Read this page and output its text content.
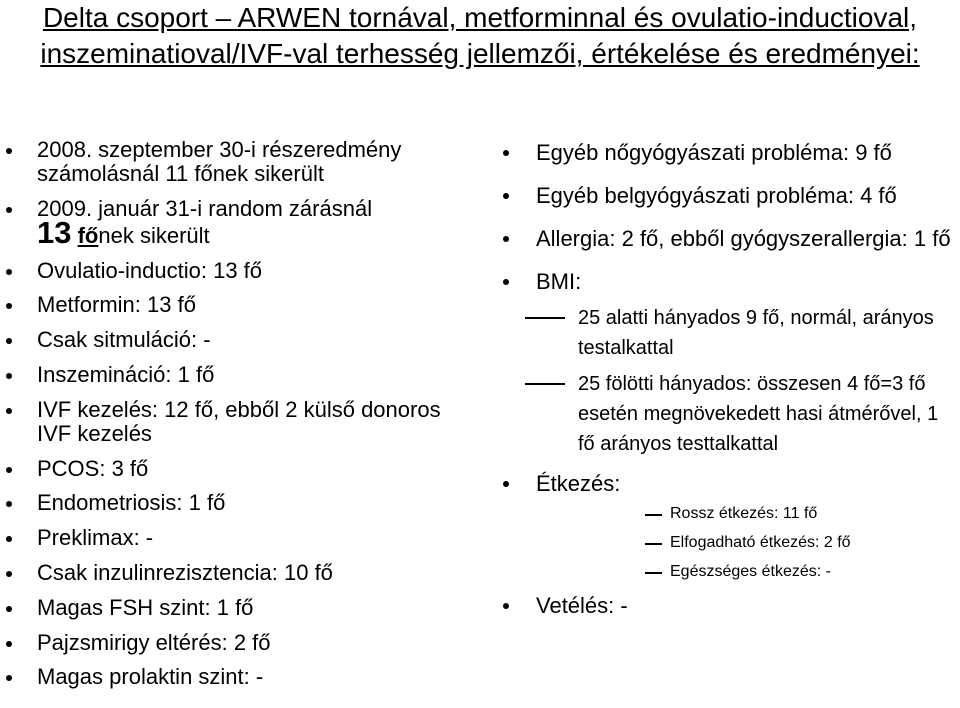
Delta csoport – ARWEN tornával, metforminnal és ovulatio-inductioval, inszeminatioval/IVF-val terhesség jellemzői, értékelése és eredményei:
2008. szeptember 30-i részeredmény számolásnál 11 főnek sikerült
2009. január 31-i random zárásnál
13 főnek sikerült
Ovulatio-inductio: 13 fő
Metformin: 13 fő
Csak sitmuláció: -
Inszemináció: 1 fő
IVF kezelés: 12 fő, ebből 2 külső donoros IVF kezelés
PCOS: 3 fő
Endometriosis: 1 fő
Preklimax: -
Csak inzulinrezisztencia: 10 fő
Magas FSH szint: 1 fő
Pajzsmirigy eltérés: 2 fő
Magas prolaktin szint: -
Egyéb nőgyógyászati probléma: 9 fő
Egyéb belgyógyászati probléma: 4 fő
Allergia: 2 fő, ebből gyógyszerallergia: 1 fő
BMI:
25 alatti hányados 9 fő, normál, arányos testalkattal
25 fölötti hányados: összesen 4 fő=3 fő esetén megnövekedett hasi átmérővel, 1 fő arányos testtalkattal
Étkezés:
Rossz étkezés: 11 fő
Elfogadható étkezés: 2 fő
Egészséges étkezés: -
Vetélés: -
